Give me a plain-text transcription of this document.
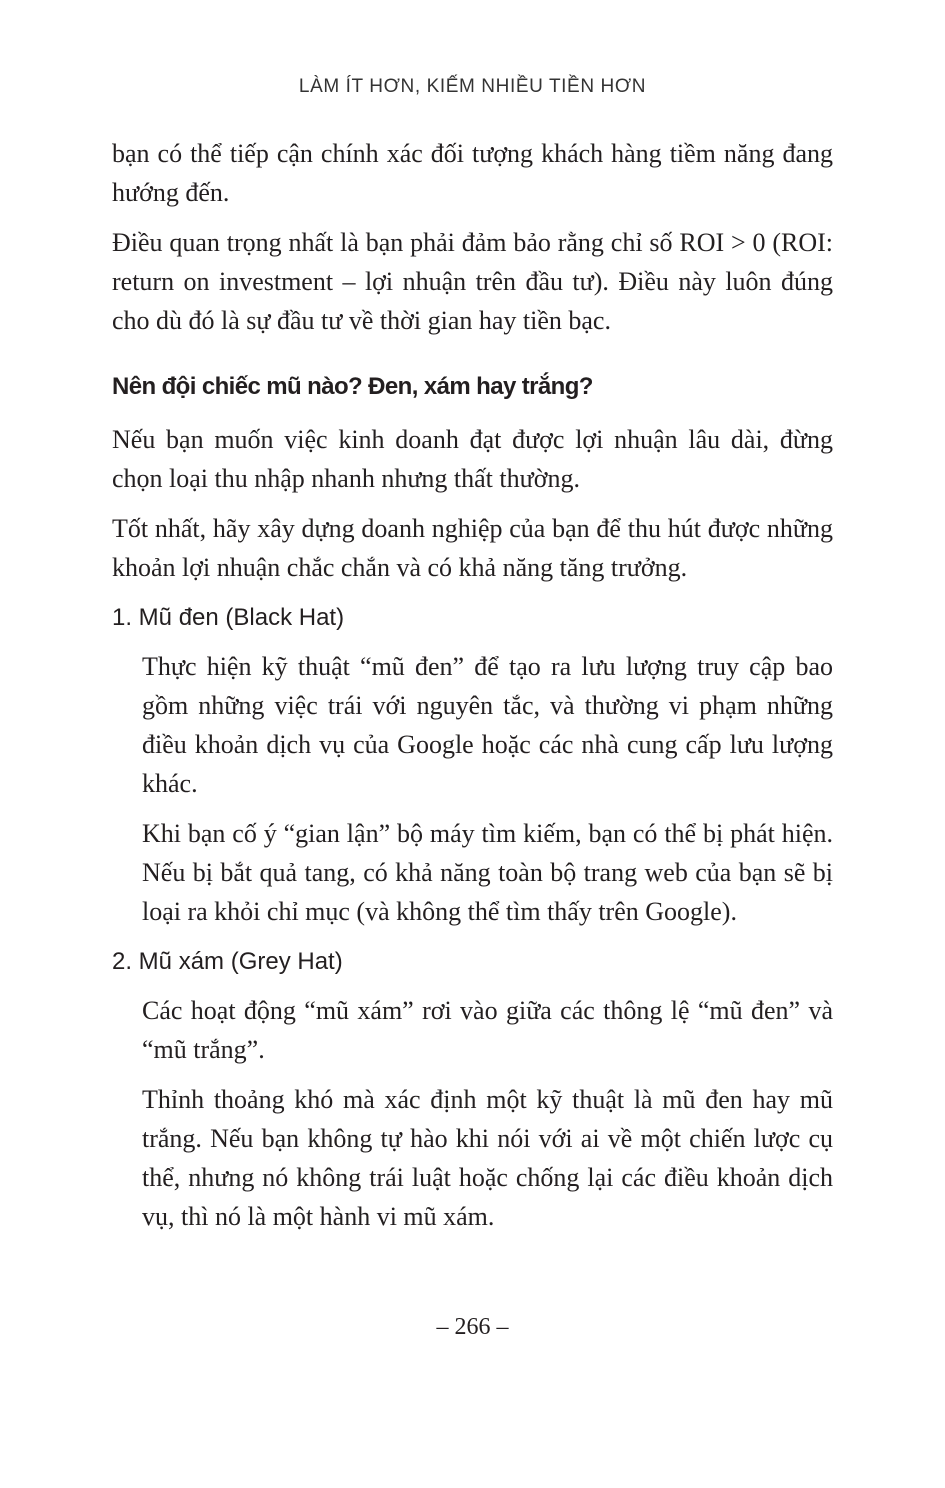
LÀM ÍT HƠN, KIẾM NHIỀU TIỀN HƠN

bạn có thể tiếp cận chính xác đối tượng khách hàng tiềm năng đang hướng đến.

Điều quan trọng nhất là bạn phải đảm bảo rằng chỉ số ROI > 0 (ROI: return on investment – lợi nhuận trên đầu tư). Điều này luôn đúng cho dù đó là sự đầu tư về thời gian hay tiền bạc.

Nên đội chiếc mũ nào? Đen, xám hay trắng?

Nếu bạn muốn việc kinh doanh đạt được lợi nhuận lâu dài, đừng chọn loại thu nhập nhanh nhưng thất thường.

Tốt nhất, hãy xây dựng doanh nghiệp của bạn để thu hút được những khoản lợi nhuận chắc chắn và có khả năng tăng trưởng.

1. Mũ đen (Black Hat)

Thực hiện kỹ thuật “mũ đen” để tạo ra lưu lượng truy cập bao gồm những việc trái với nguyên tắc, và thường vi phạm những điều khoản dịch vụ của Google hoặc các nhà cung cấp lưu lượng khác.

Khi bạn cố ý “gian lận” bộ máy tìm kiếm, bạn có thể bị phát hiện. Nếu bị bắt quả tang, có khả năng toàn bộ trang web của bạn sẽ bị loại ra khỏi chỉ mục (và không thể tìm thấy trên Google).

2. Mũ xám (Grey Hat)

Các hoạt động “mũ xám” rơi vào giữa các thông lệ “mũ đen” và “mũ trắng”.

Thỉnh thoảng khó mà xác định một kỹ thuật là mũ đen hay mũ trắng. Nếu bạn không tự hào khi nói với ai về một chiến lược cụ thể, nhưng nó không trái luật hoặc chống lại các điều khoản dịch vụ, thì nó là một hành vi mũ xám.

– 266 –
